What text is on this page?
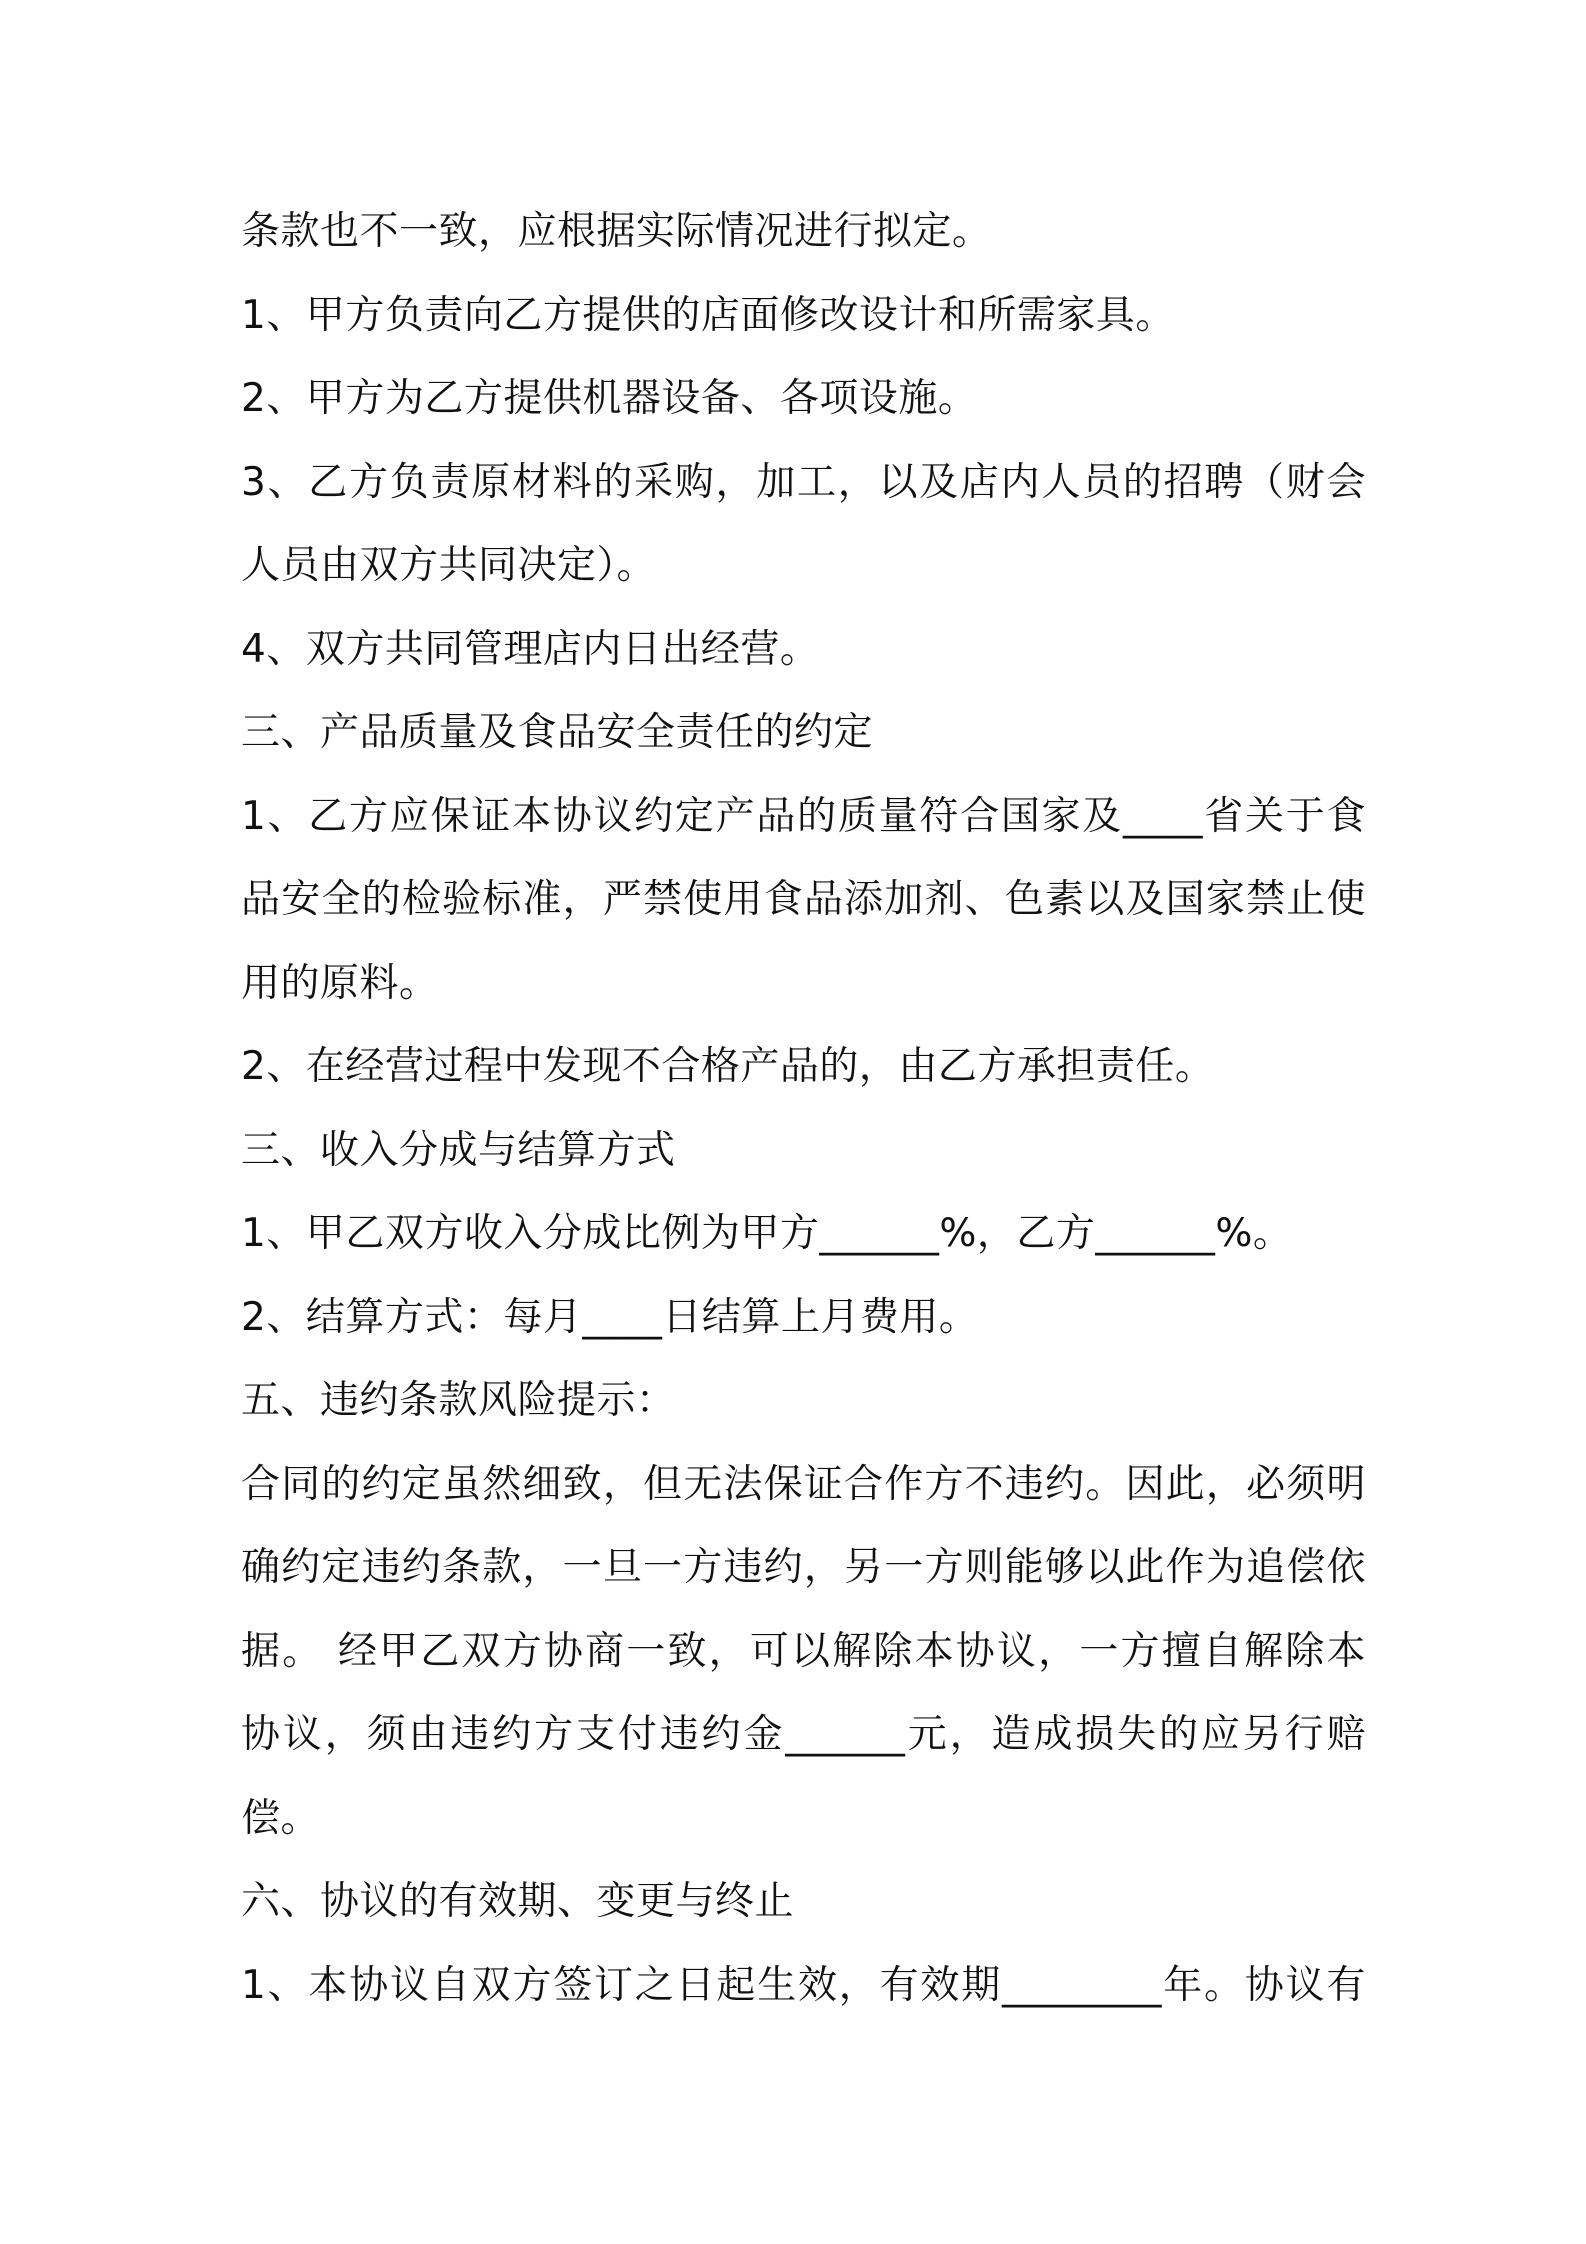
条款也不一致，应根据实际情况进行拟定。
1、甲方负责向乙方提供的店面修改设计和所需家具。
2、甲方为乙方提供机器设备、各项设施。
3、乙方负责原材料的采购，加工，以及店内人员的招聘（财会
人员由双方共同决定）。
4、双方共同管理店内日出经营。
三、产品质量及食品安全责任的约定
1、乙方应保证本协议约定产品的质量符合国家及____省关于食
品安全的检验标准，严禁使用食品添加剂、色素以及国家禁止使
用的原料。
2、在经营过程中发现不合格产品的，由乙方承担责任。
三、收入分成与结算方式
1、甲乙双方收入分成比例为甲方______%，乙方______%。
2、结算方式：每月____日结算上月费用。
五、违约条款风险提示：
合同的约定虽然细致，但无法保证合作方不违约。因此，必须明
确约定违约条款，一旦一方违约，另一方则能够以此作为追偿依
据。 经甲乙双方协商一致，可以解除本协议，一方擅自解除本
协议，须由违约方支付违约金______元，造成损失的应另行赔
偿。
六、协议的有效期、变更与终止
1、本协议自双方签订之日起生效，有效期________年。协议有
